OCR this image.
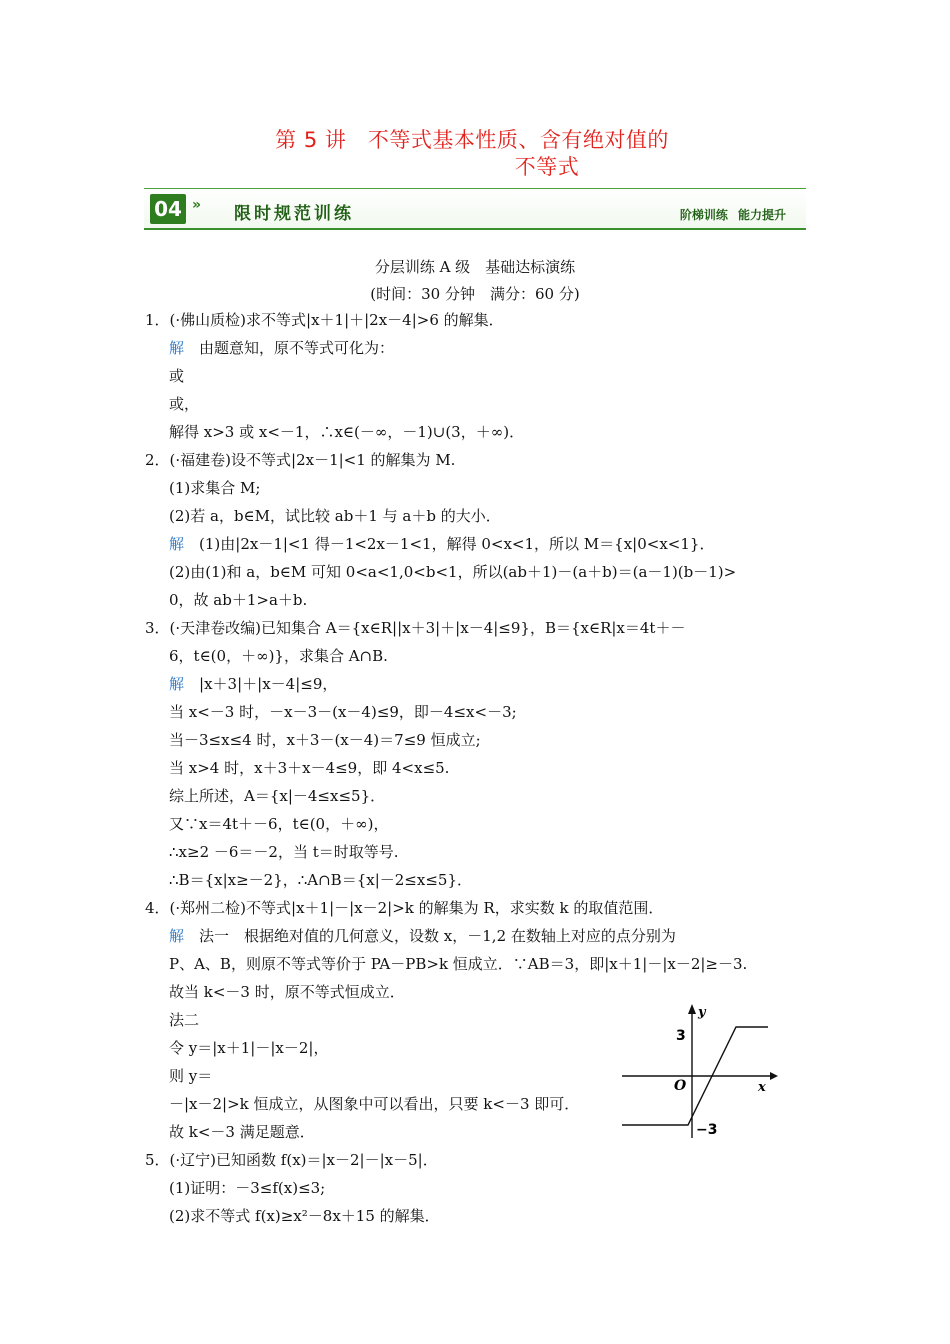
第 5 讲　不等式基本性质、含有绝对值的
不等式
04 » 限时规范训练	阶梯训练 能力提升
分层训练 A 级　基础达标演练
(时间：30 分钟　满分：60 分)
1．(·佛山质检)求不等式|x＋1|＋|2x－4|>6 的解集．
解　 由题意知，原不等式可化为：
或
或，
解得 x>3 或 x<－1，∴x∈(－∞，－1)∪(3，＋∞)．
2．(·福建卷)设不等式|2x－1|<1 的解集为 M.
(1)求集合 M;
(2)若 a，b∈M，试比较 ab＋1 与 a＋b 的大小．
解　 (1)由|2x－1|<1 得－1<2x－1<1，解得 0<x<1，所以 M＝{x|0<x<1}．
(2)由(1)和 a，b∈M 可知 0<a<1,0<b<1，所以(ab＋1)－(a＋b)＝(a－1)(b－1)>
0，故 ab＋1>a＋b.
3．(·天津卷改编)已知集合 A＝{x∈R||x＋3|＋|x－4|≤9}，B＝{x∈R|x＝4t＋－
6，t∈(0，＋∞)}，求集合 A∩B.
解　 |x＋3|＋|x－4|≤9，
当 x<－3 时，－x－3－(x－4)≤9，即－4≤x<－3;
当－3≤x≤4 时，x＋3－(x－4)＝7≤9 恒成立;
当 x>4 时，x＋3＋x－4≤9，即 4<x≤5.
综上所述，A＝{x|－4≤x≤5}．
又∵x＝4t＋－6，t∈(0，＋∞)，
∴x≥2 －6＝－2，当 t＝时取等号.
∴B＝{x|x≥－2}，∴A∩B＝{x|－2≤x≤5}．
4．(·郑州二检)不等式|x＋1|－|x－2|>k 的解集为 R，求实数 k 的取值范围．
解　 法一　根据绝对值的几何意义，设数 x，－1,2 在数轴上对应的点分别为
P、A、B，则原不等式等价于 PA－PB>k 恒成立．∵AB＝3，即|x＋1|－|x－2|≥－3.
故当 k<－3 时，原不等式恒成立．
法二
令 y＝|x＋1|－|x－2|，
则 y＝
－|x－2|>k 恒成立，从图象中可以看出，只要 k<－3 即可．
故 k<－3 满足题意．
5．(·辽宁)已知函数 f(x)＝|x－2|－|x－5|．
(1)证明：－3≤f(x)≤3;
(2)求不等式 f(x)≥x²－8x＋15 的解集．
y
x
O
3
−3
